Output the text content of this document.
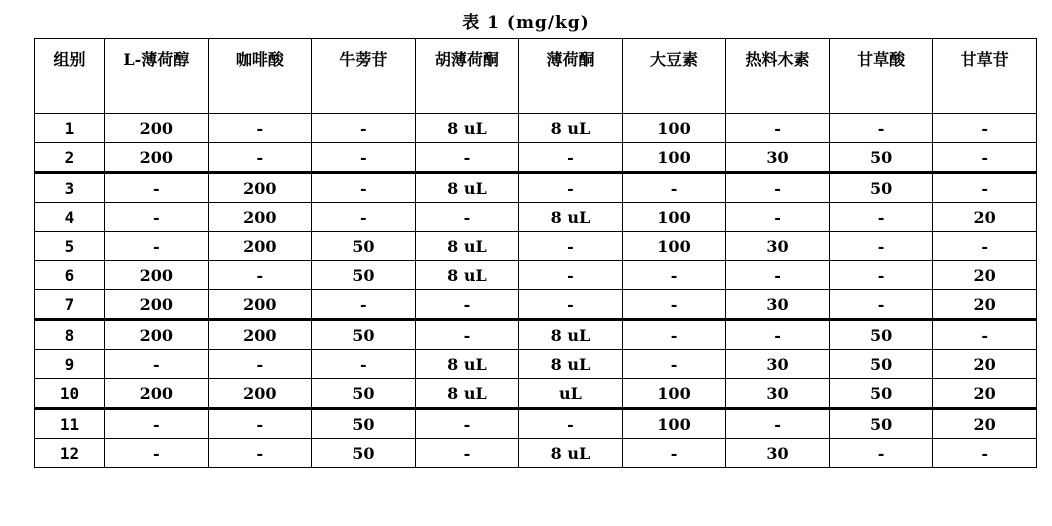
表 1 (mg/kg)
组别	L-薄荷醇	咖啡酸	牛蒡苷	胡薄荷酮	薄荷酮	大豆素	热料木素	甘草酸	甘草苷
1	200	-	-	8 uL	8 uL	100	-	-	-
2	200	-	-	-	-	100	30	50	-
3	-	200	-	8 uL	-	-	-	50	-
4	-	200	-	-	8 uL	100	-	-	20
5	-	200	50	8 uL	-	100	30	-	-
6	200	-	50	8 uL	-	-	-	-	20
7	200	200	-	-	-	-	30	-	20
8	200	200	50	-	8 uL	-	-	50	-
9	-	-	-	8 uL	8 uL	-	30	50	20
10	200	200	50	8 uL	uL	100	30	50	20
11	-	-	50	-	-	100	-	50	20
12	-	-	50	-	8 uL	-	30	-	-
